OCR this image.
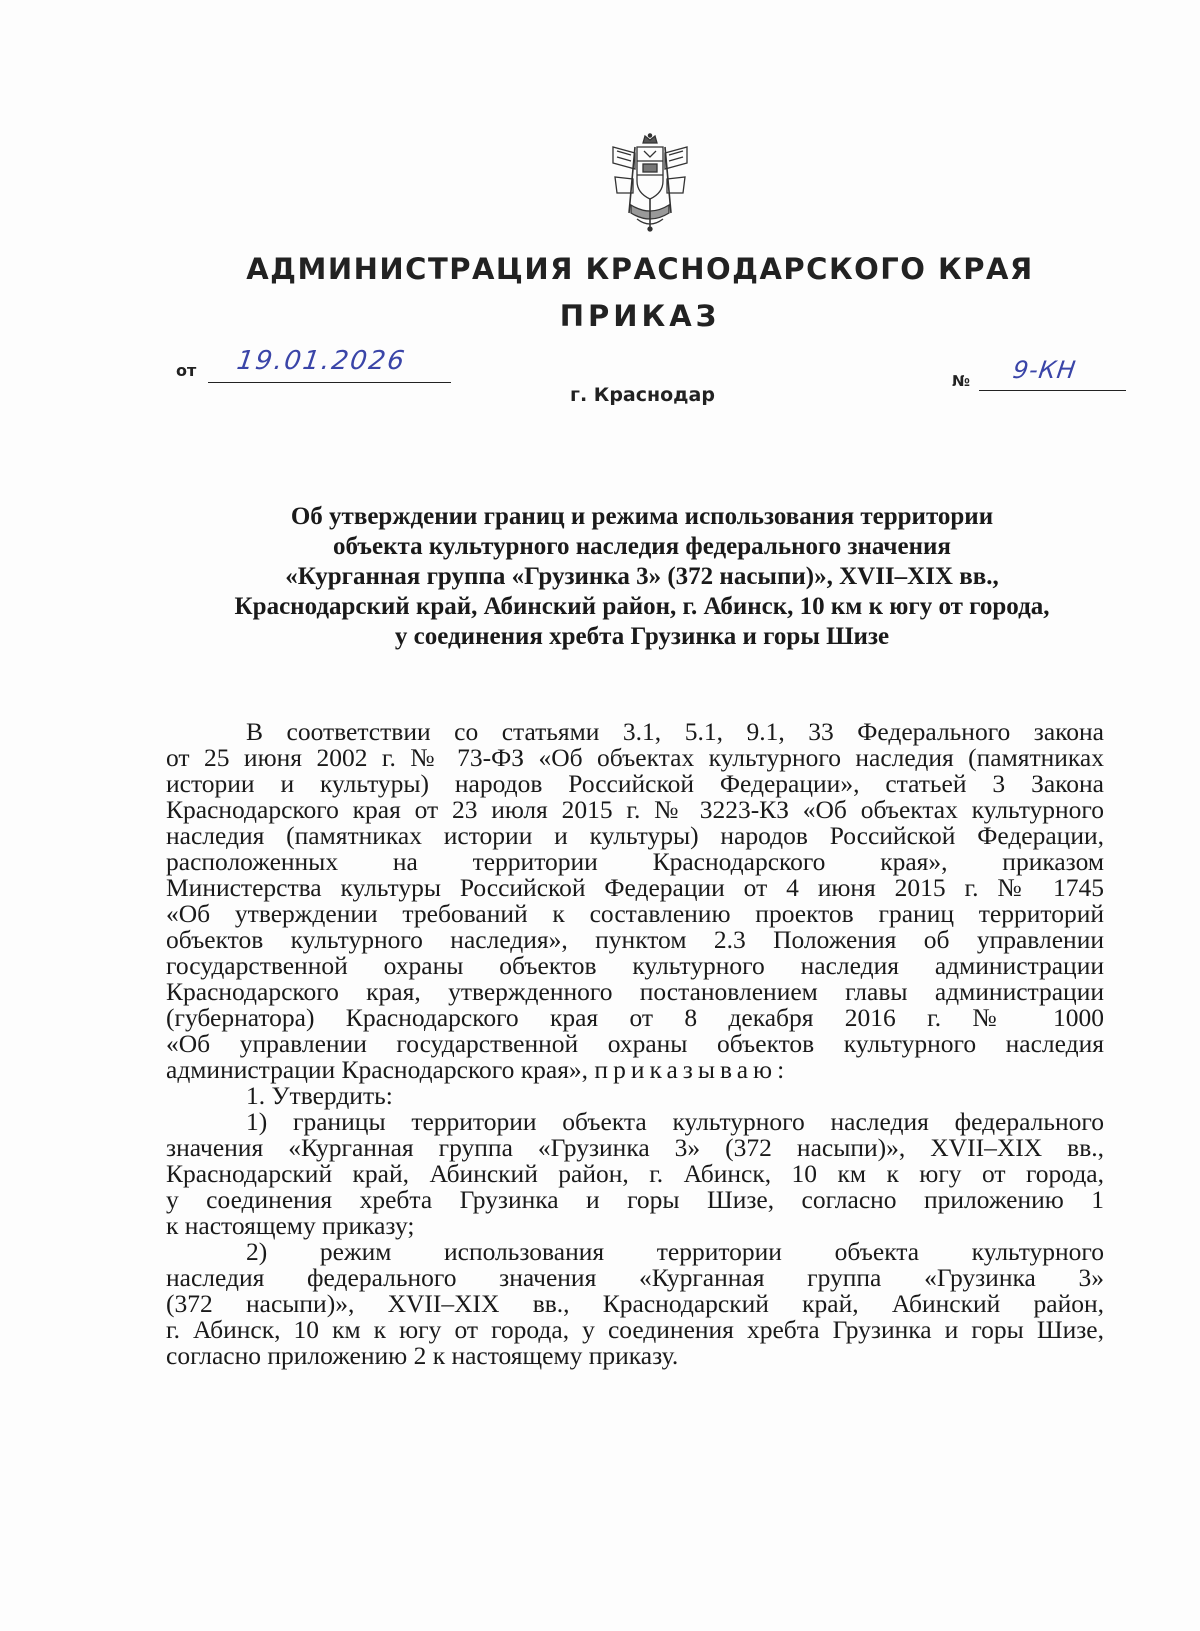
АДМИНИСТРАЦИЯ КРАСНОДАРСКОГО КРАЯ
ПРИКАЗ
от 19.01.2026
№ 9-КН
г. Краснодар
Об утверждении границ и режима использования территории
объекта культурного наследия федерального значения
«Курганная группа «Грузинка 3» (372 насыпи)», XVII–XIX вв.,
Краснодарский край, Абинский район, г. Абинск, 10 км к югу от города,
у соединения хребта Грузинка и горы Шизе
В соответствии со статьями 3.1, 5.1, 9.1, 33 Федерального закона
от 25 июня 2002 г. № 73-ФЗ «Об объектах культурного наследия (памятниках
истории и культуры) народов Российской Федерации», статьей 3 Закона
Краснодарского края от 23 июля 2015 г. № 3223-КЗ «Об объектах культурного
наследия (памятниках истории и культуры) народов Российской Федерации,
расположенных на территории Краснодарского края», приказом
Министерства культуры Российской Федерации от 4 июня 2015 г. № 1745
«Об утверждении требований к составлению проектов границ территорий
объектов культурного наследия», пунктом 2.3 Положения об управлении
государственной охраны объектов культурного наследия администрации
Краснодарского края, утвержденного постановлением главы администрации
(губернатора) Краснодарского края от 8 декабря 2016 г. № 1000
«Об управлении государственной охраны объектов культурного наследия
администрации Краснодарского края», приказываю:
1. Утвердить:
1) границы территории объекта культурного наследия федерального
значения «Курганная группа «Грузинка 3» (372 насыпи)», XVII–XIX вв.,
Краснодарский край, Абинский район, г. Абинск, 10 км к югу от города,
у соединения хребта Грузинка и горы Шизе, согласно приложению 1
к настоящему приказу;
2) режим использования территории объекта культурного
наследия федерального значения «Курганная группа «Грузинка 3»
(372 насыпи)», XVII–XIX вв., Краснодарский край, Абинский район,
г. Абинск, 10 км к югу от города, у соединения хребта Грузинка и горы Шизе,
согласно приложению 2 к настоящему приказу.
